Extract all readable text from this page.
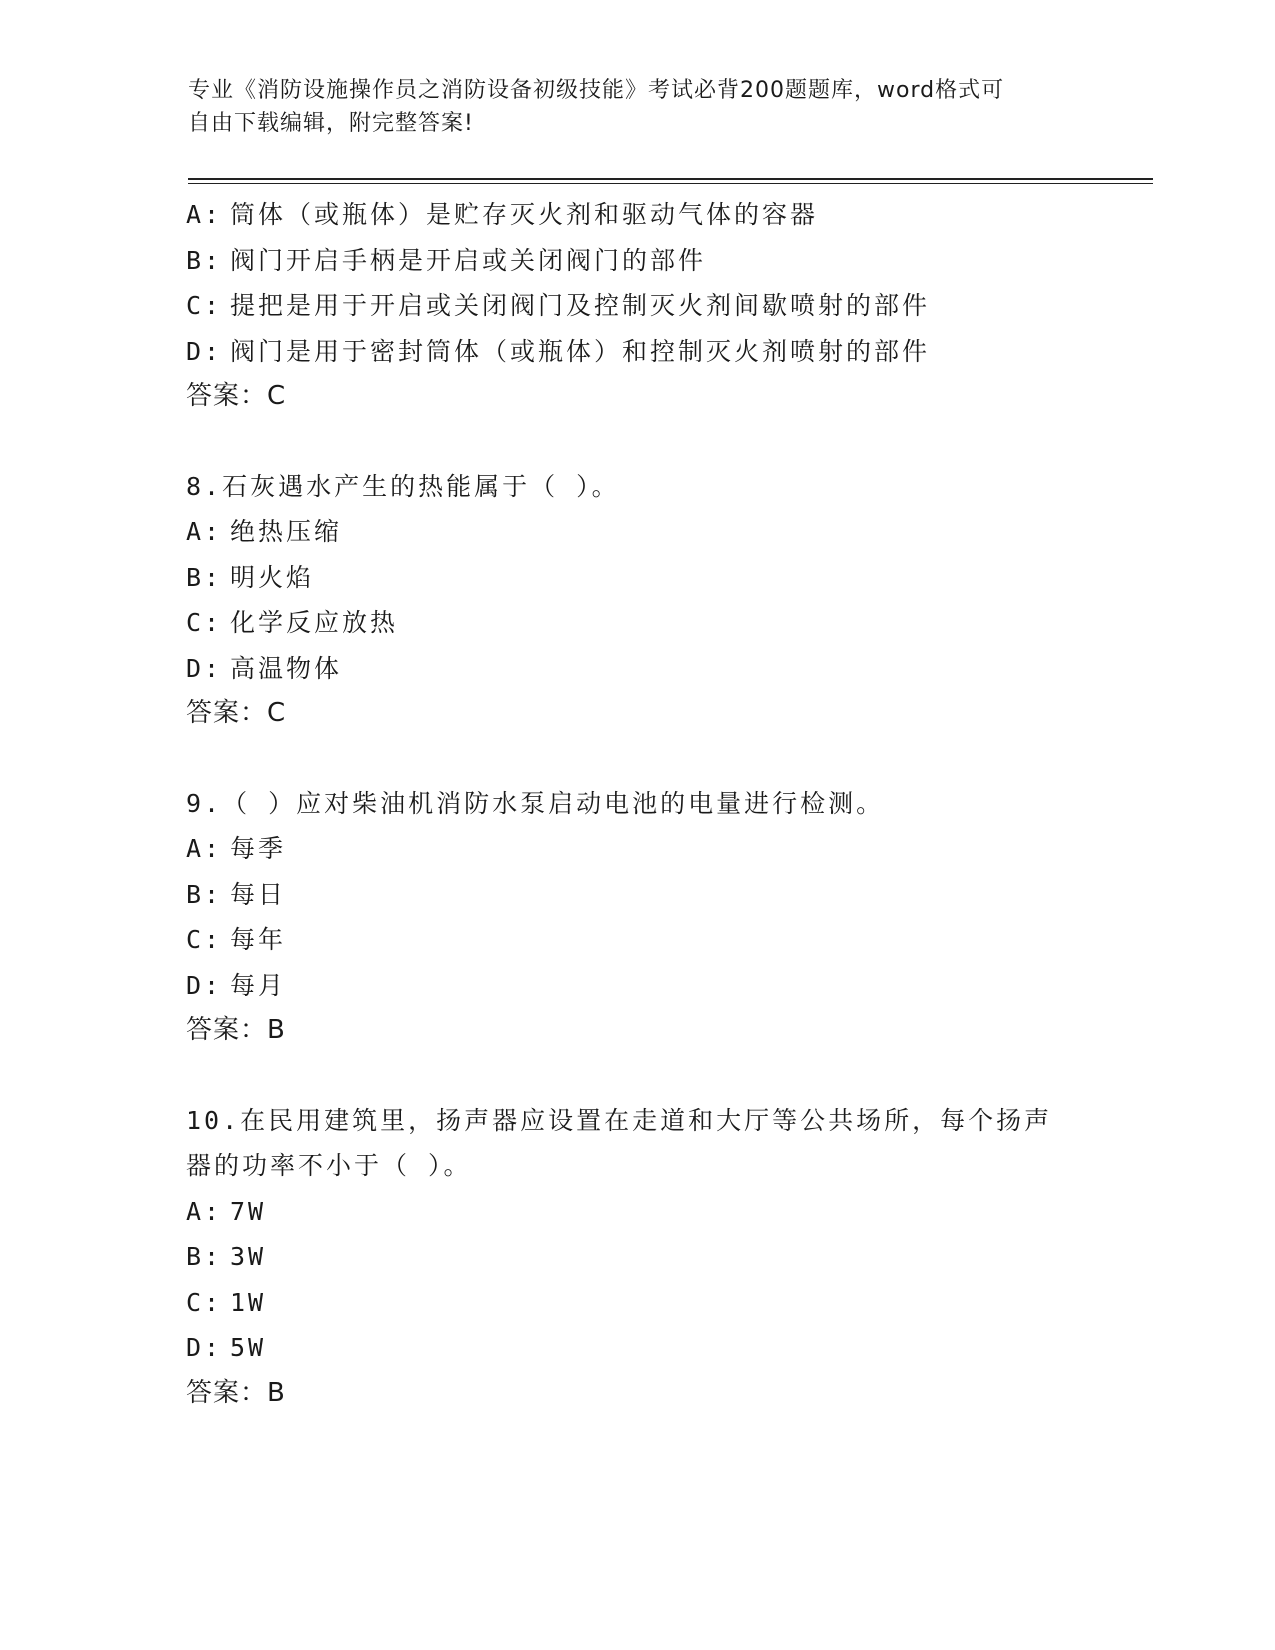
专业《消防设施操作员之消防设备初级技能》考试必背200题题库，word格式可
自由下载编辑，附完整答案!
A: 筒体（或瓶体）是贮存灭火剂和驱动气体的容器
B: 阀门开启手柄是开启或关闭阀门的部件
C: 提把是用于开启或关闭阀门及控制灭火剂间歇喷射的部件
D: 阀门是用于密封筒体（或瓶体）和控制灭火剂喷射的部件
答案：C
8.石灰遇水产生的热能属于（ ）。
A: 绝热压缩
B: 明火焰
C: 化学反应放热
D: 高温物体
答案：C
9.（ ）应对柴油机消防水泵启动电池的电量进行检测。
A: 每季
B: 每日
C: 每年
D: 每月
答案：B
10.在民用建筑里，扬声器应设置在走道和大厅等公共场所，每个扬声
器的功率不小于（ ）。
A: 7W
B: 3W
C: 1W
D: 5W
答案：B
